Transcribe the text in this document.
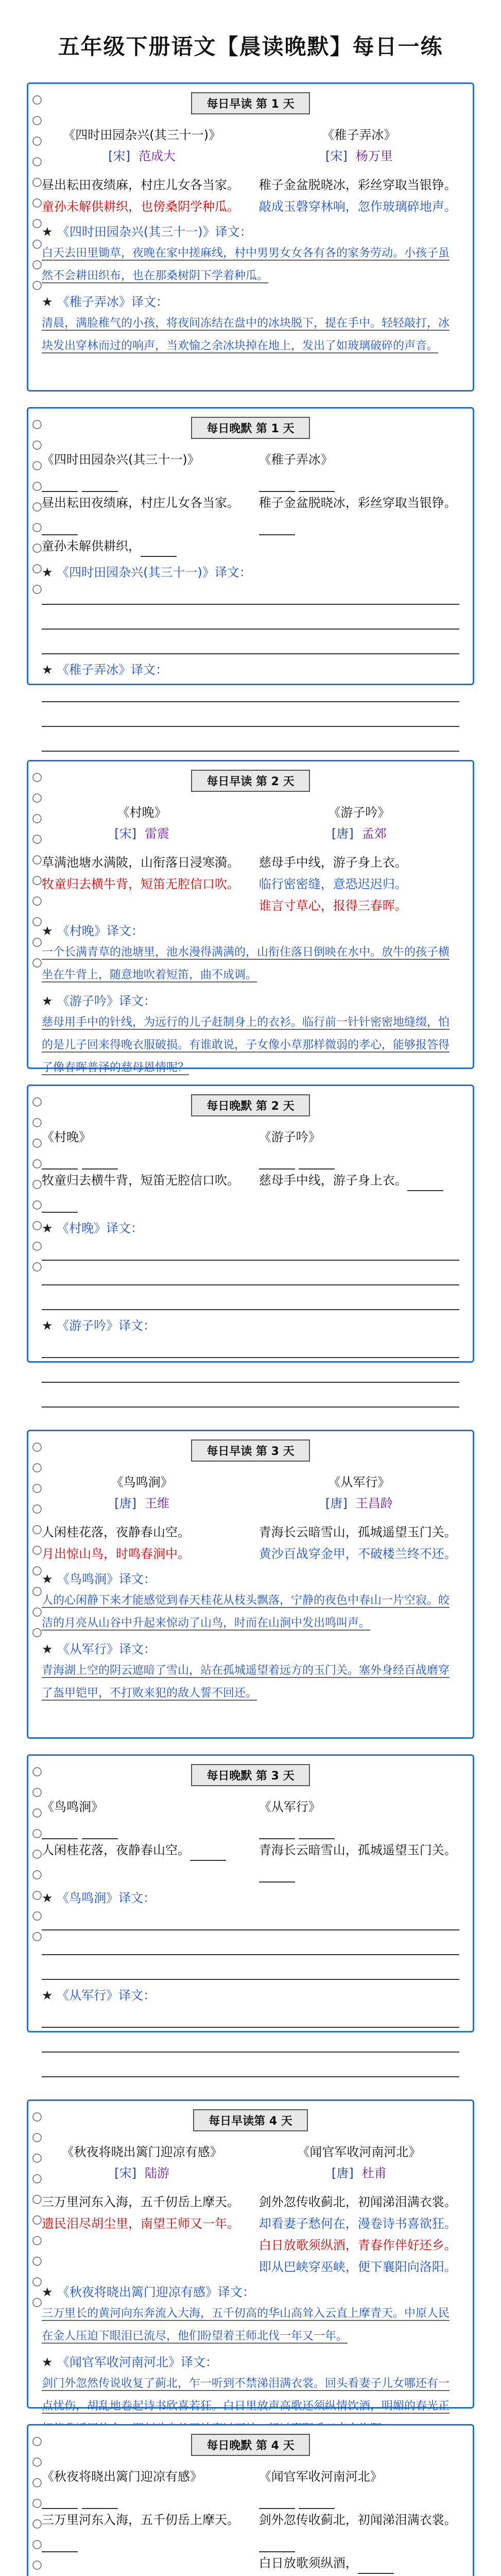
五年级下册语文【晨读晚默】每日一练
每日早读 第 1 天
《四时田园杂兴(其三十一)》
[宋] 范成大
《稚子弄冰》
[宋] 杨万里
昼出耘田夜绩麻，村庄儿女各当家。
童孙未解供耕织，也傍桑阴学种瓜。
稚子金盆脱晓冰，彩丝穿取当银铮。
敲成玉磬穿林响，忽作玻璃碎地声。
★ 《四时田园杂兴(其三十一)》译文：
白天去田里锄草，夜晚在家中搓麻线，村中男男女女各有各的家务劳动。小孩子虽然不会耕田织布，也在那桑树阴下学着种瓜。
★ 《稚子弄冰》译文：
清晨，满脸稚气的小孩，将夜间冻结在盘中的冰块脱下，提在手中。轻轻敲打，冰块发出穿林而过的响声，当欢愉之余冰块掉在地上，发出了如玻璃破碎的声音。
每日晚默 第 1 天
《四时田园杂兴(其三十一)》

昼出耘田夜绩麻，村庄儿女各当家。
童孙未解供耕织，
《稚子弄冰》

稚子金盆脱晓冰，彩丝穿取当银铮。
★ 《四时田园杂兴(其三十一)》译文：
★ 《稚子弄冰》译文：
每日早读 第 2 天
《村晚》
[宋] 雷震
《游子吟》
[唐] 孟郊
草满池塘水满陂，山衔落日浸寒漪。
牧童归去横牛背，短笛无腔信口吹。
慈母手中线，游子身上衣。
临行密密缝，意恐迟迟归。
谁言寸草心，报得三春晖。
★ 《村晚》译文：
一个长满青草的池塘里，池水漫得满满的，山衔住落日倒映在水中。放牛的孩子横坐在牛背上，随意地吹着短笛，曲不成调。
★ 《游子吟》译文：
慈母用手中的针线，为远行的儿子赶制身上的衣衫。临行前一针针密密地缝缀，怕的是儿子回来得晚衣服破损。有谁敢说，子女像小草那样微弱的孝心，能够报答得了像春晖普泽的慈母恩情呢？
每日晚默 第 2 天
《村晚》

牧童归去横牛背，短笛无腔信口吹。
《游子吟》

慈母手中线，游子身上衣。
★ 《村晚》译文：
★ 《游子吟》译文：
每日早读 第 3 天
《鸟鸣涧》
[唐] 王维
《从军行》
[唐] 王昌龄
人闲桂花落，夜静春山空。
月出惊山鸟，时鸣春涧中。
青海长云暗雪山，孤城遥望玉门关。
黄沙百战穿金甲，不破楼兰终不还。
★ 《鸟鸣涧》译文：
人的心闲静下来才能感觉到春天桂花从枝头飘落，宁静的夜色中春山一片空寂。皎洁的月亮从山谷中升起来惊动了山鸟，时而在山涧中发出鸣叫声。
★ 《从军行》译文：
青海湖上空的阴云遮暗了雪山，站在孤城遥望着远方的玉门关。塞外身经百战磨穿了盔甲铠甲，不打败来犯的敌人誓不回还。
每日晚默 第 3 天
《鸟鸣涧》

人闲桂花落，夜静春山空。
《从军行》

青海长云暗雪山，孤城遥望玉门关。
★ 《鸟鸣涧》译文：
★ 《从军行》译文：
每日早读第 4 天
《秋夜将晓出篱门迎凉有感》
[宋] 陆游
《闻官军收河南河北》
[唐] 杜甫
三万里河东入海，五千仞岳上摩天。
遗民泪尽胡尘里，南望王师又一年。
剑外忽传收蓟北，初闻涕泪满衣裳。
却看妻子愁何在，漫卷诗书喜欲狂。
白日放歌须纵酒，青春作伴好还乡。
即从巴峡穿巫峡，便下襄阳向洛阳。
★ 《秋夜将晓出篱门迎凉有感》译文：
三万里长的黄河向东奔流入大海，五千仞高的华山高耸入云直上摩青天。中原人民在金人压迫下眼泪已流尽，他们盼望着王师北伐一年又一年。
★ 《闻官军收河南河北》译文：
剑门外忽然传说收复了蓟北，乍一听到不禁涕泪满衣裳。回头看妻子儿女哪还有一点忧伤，胡乱地卷起诗书欣喜若狂。白日里放声高歌还须纵情饮酒，明媚的春光正
每日晚默 第 4 天
《秋夜将晓出篱门迎凉有感》

三万里河东入海，五千仞岳上摩天。
《闻官军收河南河北》

剑外忽传收蓟北，初闻涕泪满衣裳。
白日放歌须纵酒，
